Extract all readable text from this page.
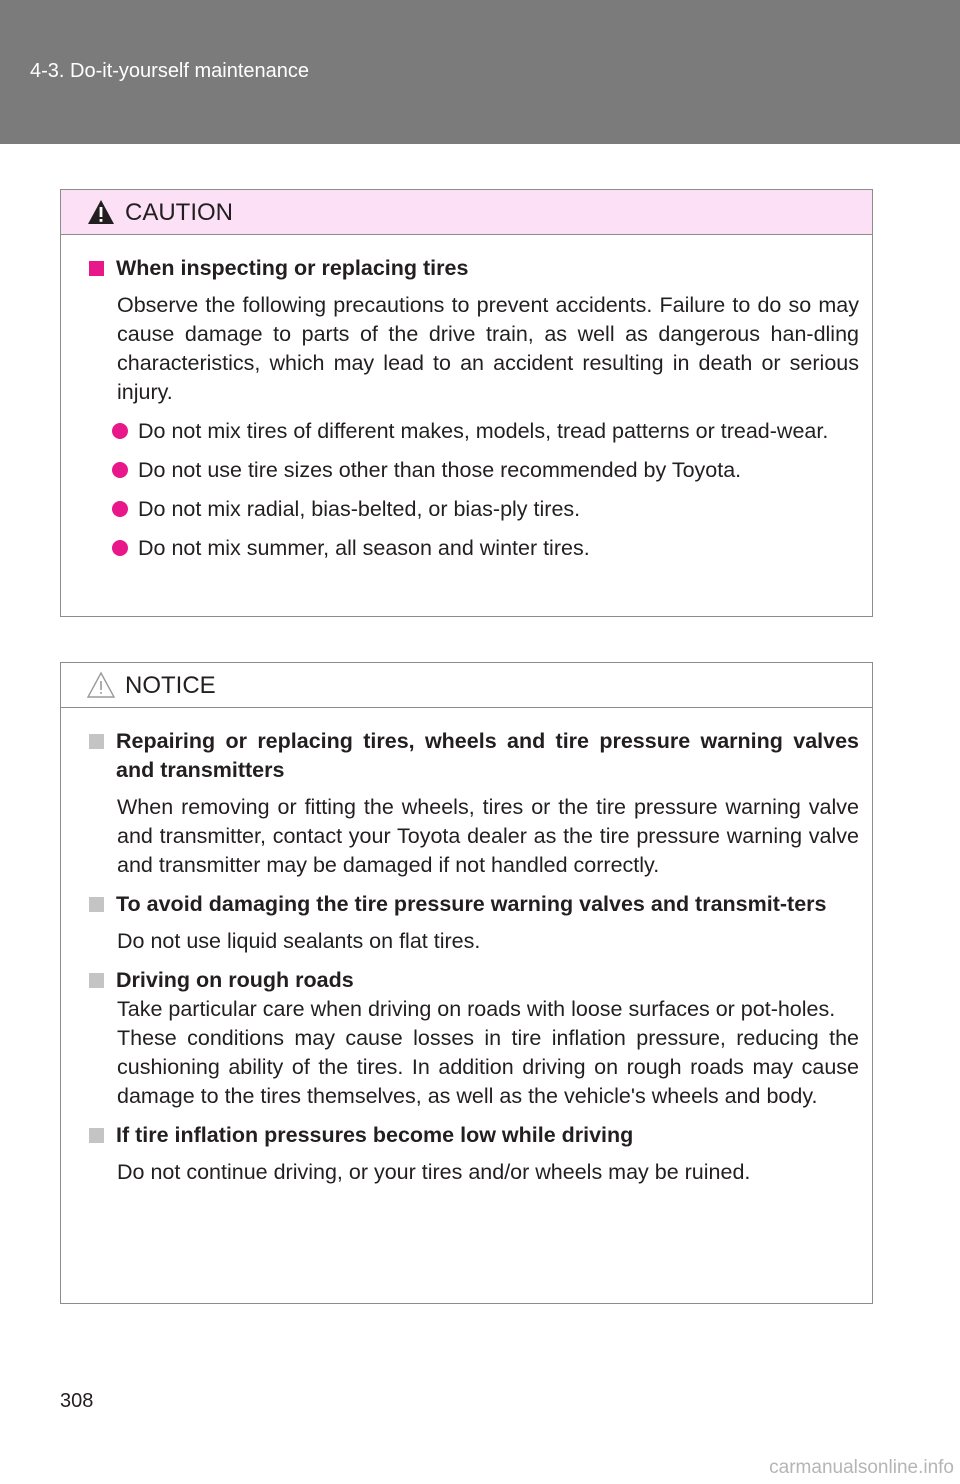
4-3. Do-it-yourself maintenance
CAUTION
When inspecting or replacing tires
Observe the following precautions to prevent accidents. Failure to do so may cause damage to parts of the drive train, as well as dangerous han-dling characteristics, which may lead to an accident resulting in death or serious injury.
Do not mix tires of different makes, models, tread patterns or tread-wear.
Do not use tire sizes other than those recommended by Toyota.
Do not mix radial, bias-belted, or bias-ply tires.
Do not mix summer, all season and winter tires.
NOTICE
Repairing or replacing tires, wheels and tire pressure warning valves and transmitters
When removing or fitting the wheels, tires or the tire pressure warning valve and transmitter, contact your Toyota dealer as the tire pressure warning valve and transmitter may be damaged if not handled correctly.
To avoid damaging the tire pressure warning valves and transmit-ters
Do not use liquid sealants on flat tires.
Driving on rough roads
Take particular care when driving on roads with loose surfaces or pot-holes.
These conditions may cause losses in tire inflation pressure, reducing the cushioning ability of the tires. In addition driving on rough roads may cause damage to the tires themselves, as well as the vehicle's wheels and body.
If tire inflation pressures become low while driving
Do not continue driving, or your tires and/or wheels may be ruined.
308
carmanualsonline.info
